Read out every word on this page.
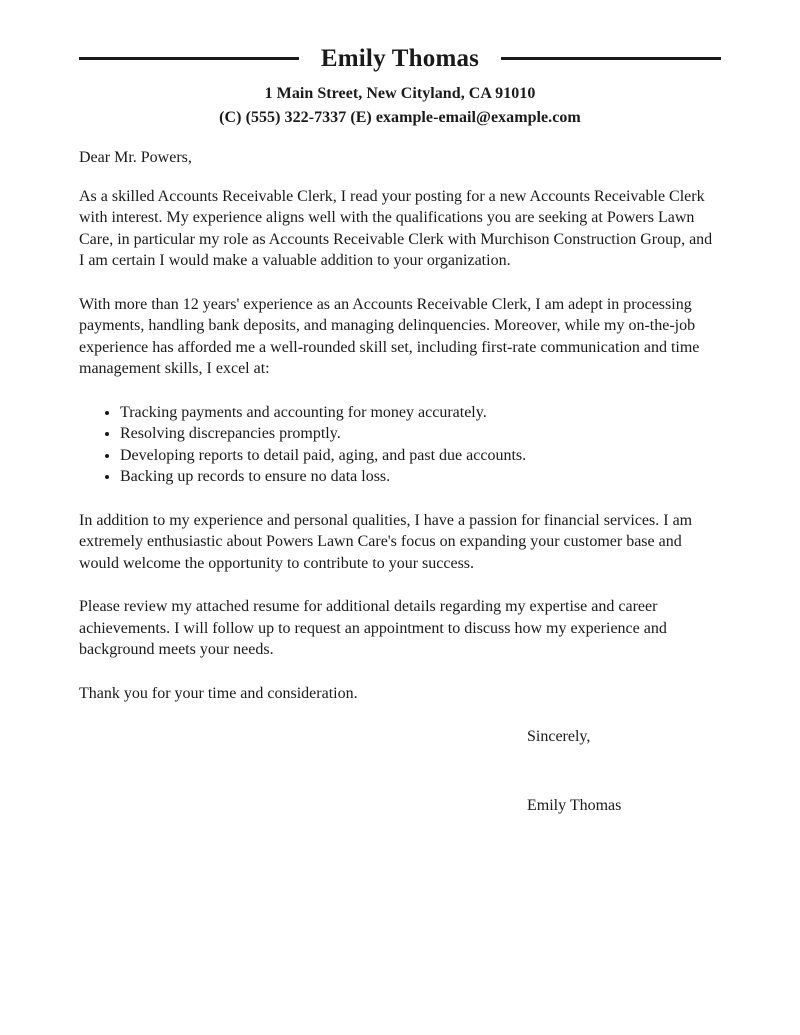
Emily Thomas
1 Main Street, New Cityland, CA 91010
(C) (555) 322-7337 (E) example-email@example.com

Dear Mr. Powers,

As a skilled Accounts Receivable Clerk, I read your posting for a new Accounts Receivable Clerk with interest. My experience aligns well with the qualifications you are seeking at Powers Lawn Care, in particular my role as Accounts Receivable Clerk with Murchison Construction Group, and I am certain I would make a valuable addition to your organization.

With more than 12 years' experience as an Accounts Receivable Clerk, I am adept in processing payments, handling bank deposits, and managing delinquencies. Moreover, while my on-the-job experience has afforded me a well-rounded skill set, including first-rate communication and time management skills, I excel at:

Tracking payments and accounting for money accurately.
Resolving discrepancies promptly.
Developing reports to detail paid, aging, and past due accounts.
Backing up records to ensure no data loss.

In addition to my experience and personal qualities, I have a passion for financial services. I am extremely enthusiastic about Powers Lawn Care's focus on expanding your customer base and would welcome the opportunity to contribute to your success.

Please review my attached resume for additional details regarding my expertise and career achievements. I will follow up to request an appointment to discuss how my experience and background meets your needs.

Thank you for your time and consideration.

Sincerely,

Emily Thomas
